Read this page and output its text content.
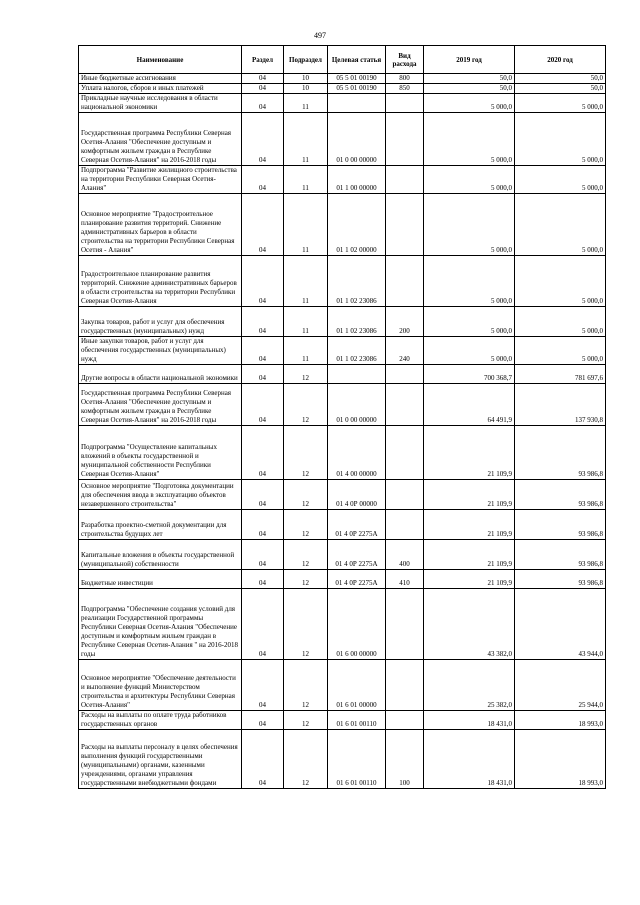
497
Наименование	Раздел	Подраздел	Целевая статья	Вид расхода	2019 год	2020 год
Иные бюджетные ассигнования	04	10	05 5 01 00190	800	50,0	50,0
Уплата налогов, сборов и иных платежей	04	10	05 5 01 00190	850	50,0	50,0
Прикладные научные исследования в области национальной экономики	04	11			5 000,0	5 000,0
Государственная программа Республики Северная Осетия-Алания "Обеспечение доступным и комфортным жильем граждан в Республике Северная Осетия-Алания" на 2016-2018 годы	04	11	01 0 00 00000		5 000,0	5 000,0
Подпрограмма "Развитие жилищного строительства на территории Республики Северная Осетия-Алания"	04	11	01 1 00 00000		5 000,0	5 000,0
Основное мероприятие "Градостроительное планирование развития территорий. Снижение административных барьеров в области строительства на территории Республики Северная Осетия - Алания"	04	11	01 1 02 00000		5 000,0	5 000,0
Градостроительное планирование развития территорий. Снижение административных барьеров в области строительства на территории Республики Северная Осетия-Алания	04	11	01 1 02 23086		5 000,0	5 000,0
Закупка товаров, работ и услуг для обеспечения государственных (муниципальных) нужд	04	11	01 1 02 23086	200	5 000,0	5 000,0
Иные закупки товаров, работ и услуг для обеспечения государственных (муниципальных) нужд	04	11	01 1 02 23086	240	5 000,0	5 000,0
Другие вопросы в области национальной экономики	04	12			700 368,7	781 697,6
Государственная программа Республики Северная Осетия-Алания "Обеспечение доступным и комфортным жильем граждан в Республике Северная Осетия-Алания" на 2016-2018 годы	04	12	01 0 00 00000		64 491,9	137 930,8
Подпрограмма "Осуществление капитальных вложений в объекты государственной и муниципальной собственности Республики Северная Осетия-Алания"	04	12	01 4 00 00000		21 109,9	93 986,8
Основное мероприятие "Подготовка документации для обеспечения ввода в эксплуатацию объектов незавершенного строительства"	04	12	01 4 0Р 00000		21 109,9	93 986,8
Разработка проектно-сметной документации для строительства будущих лет	04	12	01 4 0Р 2275А		21 109,9	93 986,8
Капитальные вложения в объекты государственной (муниципальной) собственности	04	12	01 4 0Р 2275А	400	21 109,9	93 986,8
Бюджетные инвестиции	04	12	01 4 0Р 2275А	410	21 109,9	93 986,8
Подпрограмма "Обеспечение создания условий для реализации Государственной программы Республики Северная Осетия-Алания "Обеспечение доступным и комфортным жильем граждан в Республике Северная Осетия-Алания " на 2016-2018 годы	04	12	01 6 00 00000		43 382,0	43 944,0
Основное мероприятие "Обеспечение деятельности и выполнение функций Министерством строительства и архитектуры Республики Северная Осетия-Алания"	04	12	01 6 01 00000		25 382,0	25 944,0
Расходы на выплаты по оплате труда работников государственных органов	04	12	01 6 01 00110		18 431,0	18 993,0
Расходы на выплаты персоналу в целях обеспечения выполнения функций государственными (муниципальными) органами, казенными учреждениями, органами управления государственными внебюджетными фондами	04	12	01 6 01 00110	100	18 431,0	18 993,0
